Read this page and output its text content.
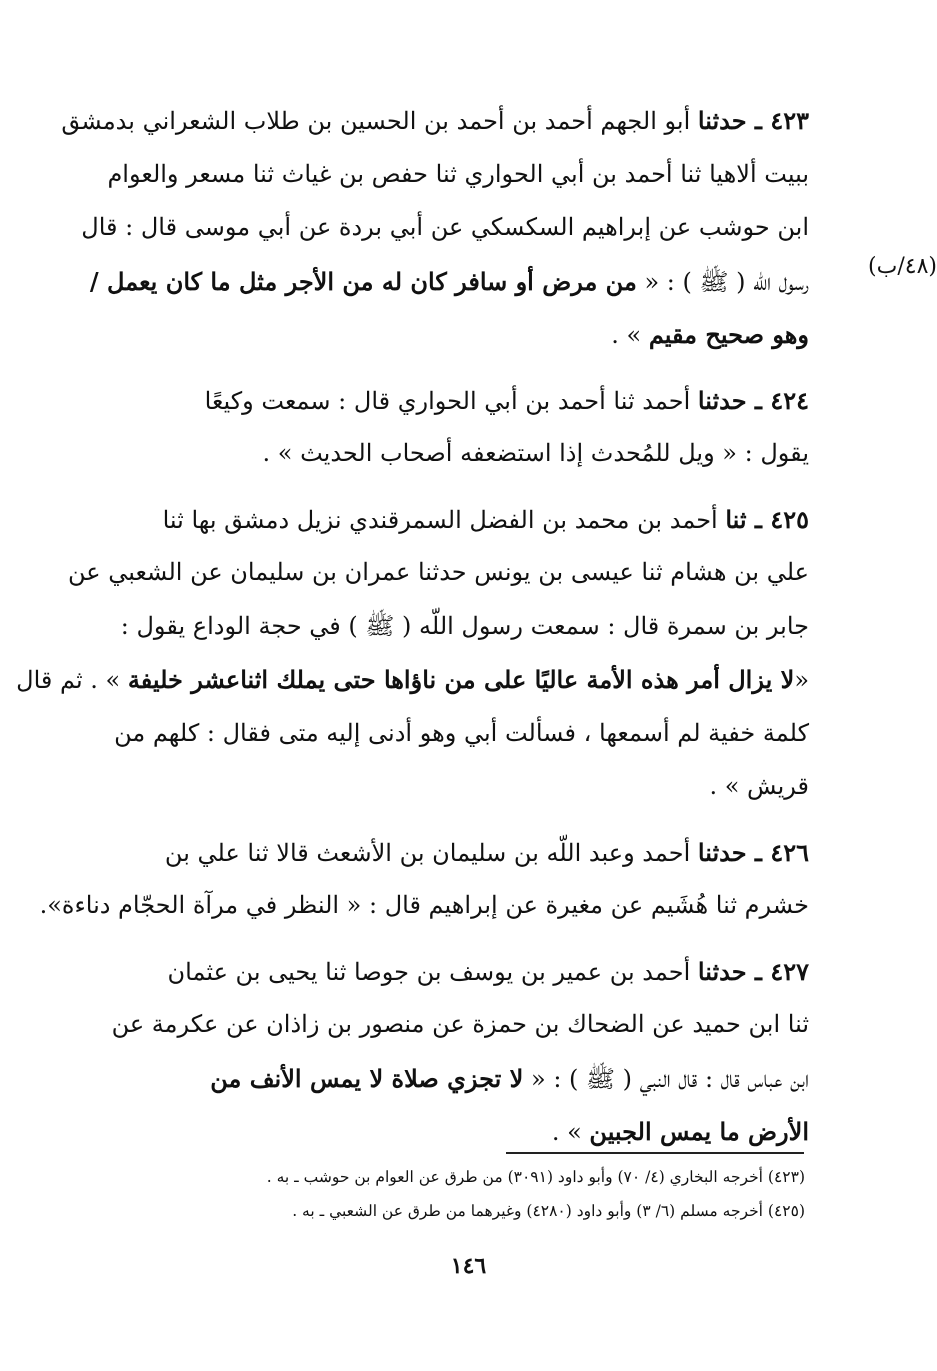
(٤٨/ب)
٤٢٣ ـ حدثنا أبو الجهم أحمد بن أحمد بن الحسين بن طلاب الشعراني بدمشق
ببيت ألاهيا ثنا أحمد بن أبي الحواري ثنا حفص بن غياث ثنا مسعر والعوام
ابن حوشب عن إبراهيم السكسكي عن أبي بردة عن أبي موسى قال : قال
رسول اللّه ( ﷺ ) : « من مرض أو سافر كان له من الأجر مثل ما كان يعمل /
وهو صحيح مقيم » .
٤٢٤ ـ حدثنا أحمد ثنا أحمد بن أبي الحواري قال : سمعت وكيعًا
يقول : « ويل للمُحدث إذا استضعفه أصحاب الحديث » .
٤٢٥ ـ ثنا أحمد بن محمد بن الفضل السمرقندي نزيل دمشق بها ثنا
علي بن هشام ثنا عيسى بن يونس حدثنا عمران بن سليمان عن الشعبي عن
جابر بن سمرة قال : سمعت رسول اللّه ( ﷺ ) في حجة الوداع يقول :
«لا يزال أمر هذه الأمة عاليًا على من ناؤاها حتى يملك اثناعشر خليفة » . ثم قال
كلمة خفية لم أسمعها ، فسألت أبي وهو أدنى إليه متى فقال : كلهم من
قريش » .
٤٢٦ ـ حدثنا أحمد وعبد اللّه بن سليمان بن الأشعث قالا ثنا علي بن
خشرم ثنا هُشَيم عن مغيرة عن إبراهيم قال : « النظر في مرآة الحجّام دناءة».
٤٢٧ ـ حدثنا أحمد بن عمير بن يوسف بن جوصا ثنا يحيى بن عثمان
ثنا ابن حميد عن الضحاك بن حمزة عن منصور بن زاذان عن عكرمة عن
ابن عباس قال : قال النبي ( ﷺ ) : « لا تجزي صلاة لا يمس الأنف من
الأرض ما يمس الجبين » .
(٤٢٣) أخرجه البخاري (٤/ ٧٠) وأبو داود (٣٠٩١) من طرق عن العوام بن حوشب ـ به .
(٤٢٥) أخرجه مسلم (٦/ ٣) وأبو داود (٤٢٨٠) وغيرهما من طرق عن الشعبي ـ به .
١٤٦
